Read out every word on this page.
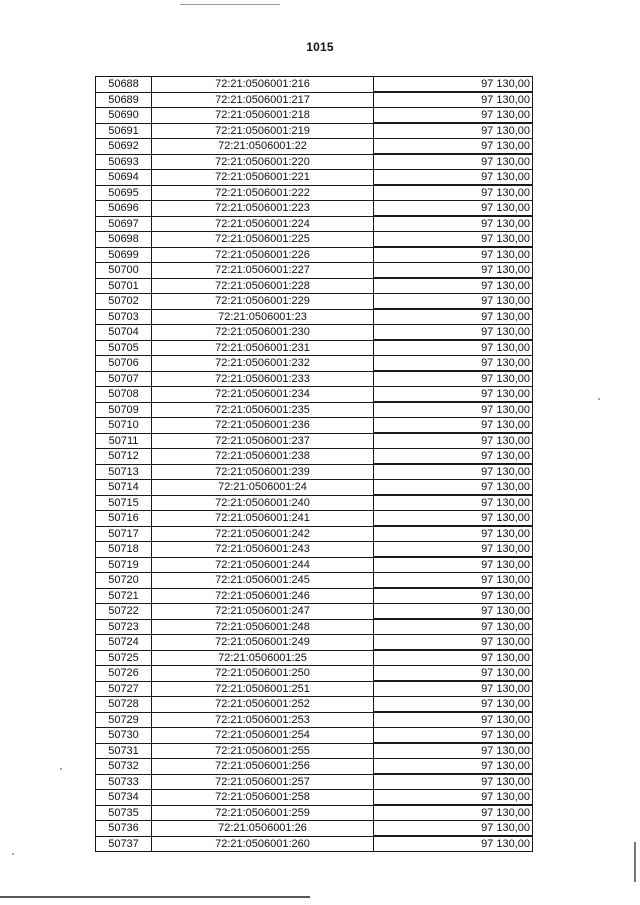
1015
50688	72:21:0506001:216	97 130,00
50689	72:21:0506001:217	97 130,00
50690	72:21:0506001:218	97 130,00
50691	72:21:0506001:219	97 130,00
50692	72:21:0506001:22	97 130,00
50693	72:21:0506001:220	97 130,00
50694	72:21:0506001:221	97 130,00
50695	72:21:0506001:222	97 130,00
50696	72:21:0506001:223	97 130,00
50697	72:21:0506001:224	97 130,00
50698	72:21:0506001:225	97 130,00
50699	72:21:0506001:226	97 130,00
50700	72:21:0506001:227	97 130,00
50701	72:21:0506001:228	97 130,00
50702	72:21:0506001:229	97 130,00
50703	72:21:0506001:23	97 130,00
50704	72:21:0506001:230	97 130,00
50705	72:21:0506001:231	97 130,00
50706	72:21:0506001:232	97 130,00
50707	72:21:0506001:233	97 130,00
50708	72:21:0506001:234	97 130,00
50709	72:21:0506001:235	97 130,00
50710	72:21:0506001:236	97 130,00
50711	72:21:0506001:237	97 130,00
50712	72:21:0506001:238	97 130,00
50713	72:21:0506001:239	97 130,00
50714	72:21:0506001:24	97 130,00
50715	72:21:0506001:240	97 130,00
50716	72:21:0506001:241	97 130,00
50717	72:21:0506001:242	97 130,00
50718	72:21:0506001:243	97 130,00
50719	72:21:0506001:244	97 130,00
50720	72:21:0506001:245	97 130,00
50721	72:21:0506001:246	97 130,00
50722	72:21:0506001:247	97 130,00
50723	72:21:0506001:248	97 130,00
50724	72:21:0506001:249	97 130,00
50725	72:21:0506001:25	97 130,00
50726	72:21:0506001:250	97 130,00
50727	72:21:0506001:251	97 130,00
50728	72:21:0506001:252	97 130,00
50729	72:21:0506001:253	97 130,00
50730	72:21:0506001:254	97 130,00
50731	72:21:0506001:255	97 130,00
50732	72:21:0506001:256	97 130,00
50733	72:21:0506001:257	97 130,00
50734	72:21:0506001:258	97 130,00
50735	72:21:0506001:259	97 130,00
50736	72:21:0506001:26	97 130,00
50737	72:21:0506001:260	97 130,00
